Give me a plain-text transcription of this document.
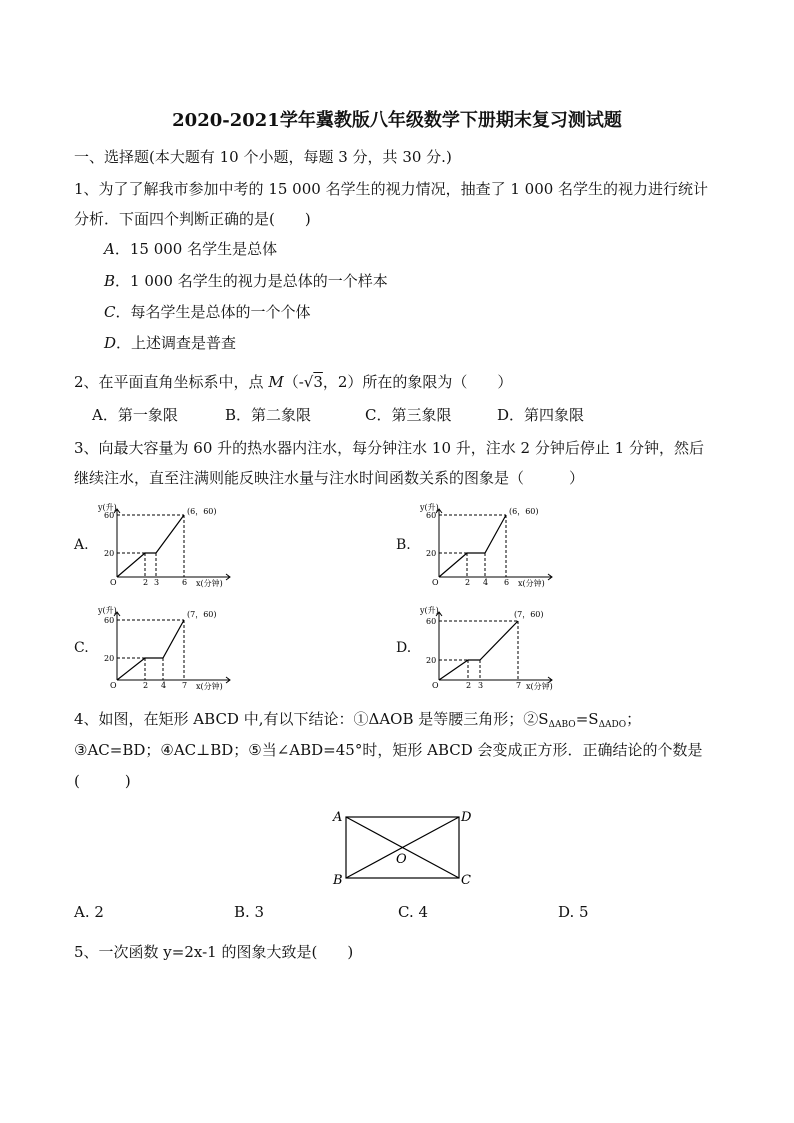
2020-2021学年冀教版八年级数学下册期末复习测试题
一、选择题(本大题有 10 个小题，每题 3 分，共 30 分.)
1、为了了解我市参加中考的 15 000 名学生的视力情况，抽查了 1 000 名学生的视力进行统计
分析．下面四个判断正确的是(　　)
A．15 000 名学生是总体
B．1 000 名学生的视力是总体的一个样本
C．每名学生是总体的一个个体
D．上述调查是普查
2、在平面直角坐标系中，点 M（-√3，2）所在的象限为（　　）
A．第一象限	B．第二象限	C．第三象限	D．第四象限
3、向最大容量为 60 升的热水器内注水，每分钟注水 10 升，注水 2 分钟后停止 1 分钟，然后
继续注水，直至注满则能反映注水量与注水时间函数关系的图象是（　　　）
A.
y(升)
60
20
O	2 3	6 x(分钟)
(6，60)
B.
y(升)
60
20
O	2 4 6 x(分钟)
(6，60)
C.
y(升)
60
20
O	2 4 7 x(分钟)
(7，60)
D.
y(升)
60
20
O	2 3	7 x(分钟)
(7，60)
4、如图，在矩形 ABCD 中,有以下结论：①ΔAOB 是等腰三角形；$②S_{\Delta ABO}=S_{\Delta ADO}$；
③AC=BD；④AC⊥BD；⑤当∠ABD=45°时，矩形 ABCD 会变成正方形．正确结论的个数是
(　　　)
A	D
B	C
O
A. 2	B. 3	C. 4	D. 5
5、一次函数 y=2x-1 的图象大致是(　　)
